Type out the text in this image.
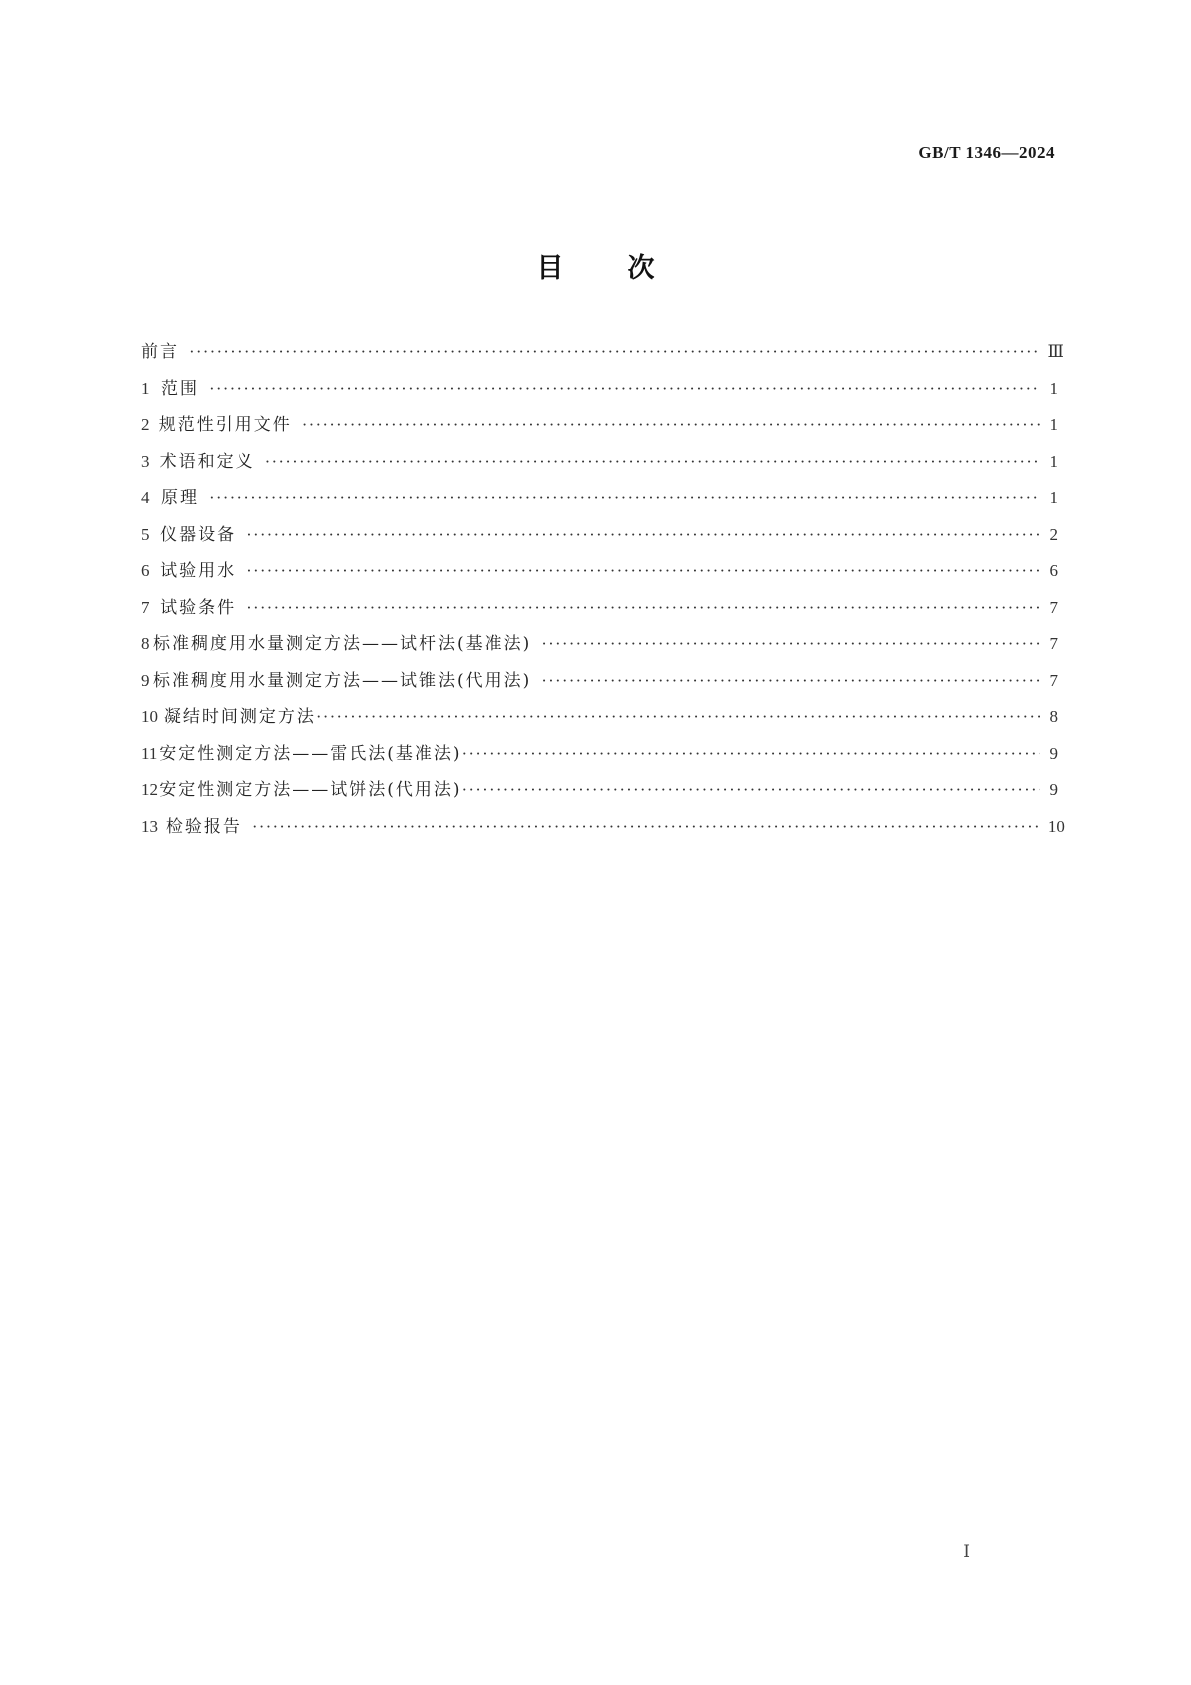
GB/T 1346—2024
目次
前言 ·····	Ⅲ
1 范围 ·····	1
2 规范性引用文件 ·····	1
3 术语和定义 ·····	1
4 原理 ·····	1
5 仪器设备 ·····	2
6 试验用水 ·····	6
7 试验条件 ·····	7
8 标准稠度用水量测定方法——试杆法(基准法) ·····	7
9 标准稠度用水量测定方法——试锥法(代用法) ·····	7
10 凝结时间测定方法 ·····	8
11 安定性测定方法——雷氏法(基准法) ·····	9
12 安定性测定方法——试饼法(代用法) ·····	9
13 检验报告 ·····	10
Ⅰ
